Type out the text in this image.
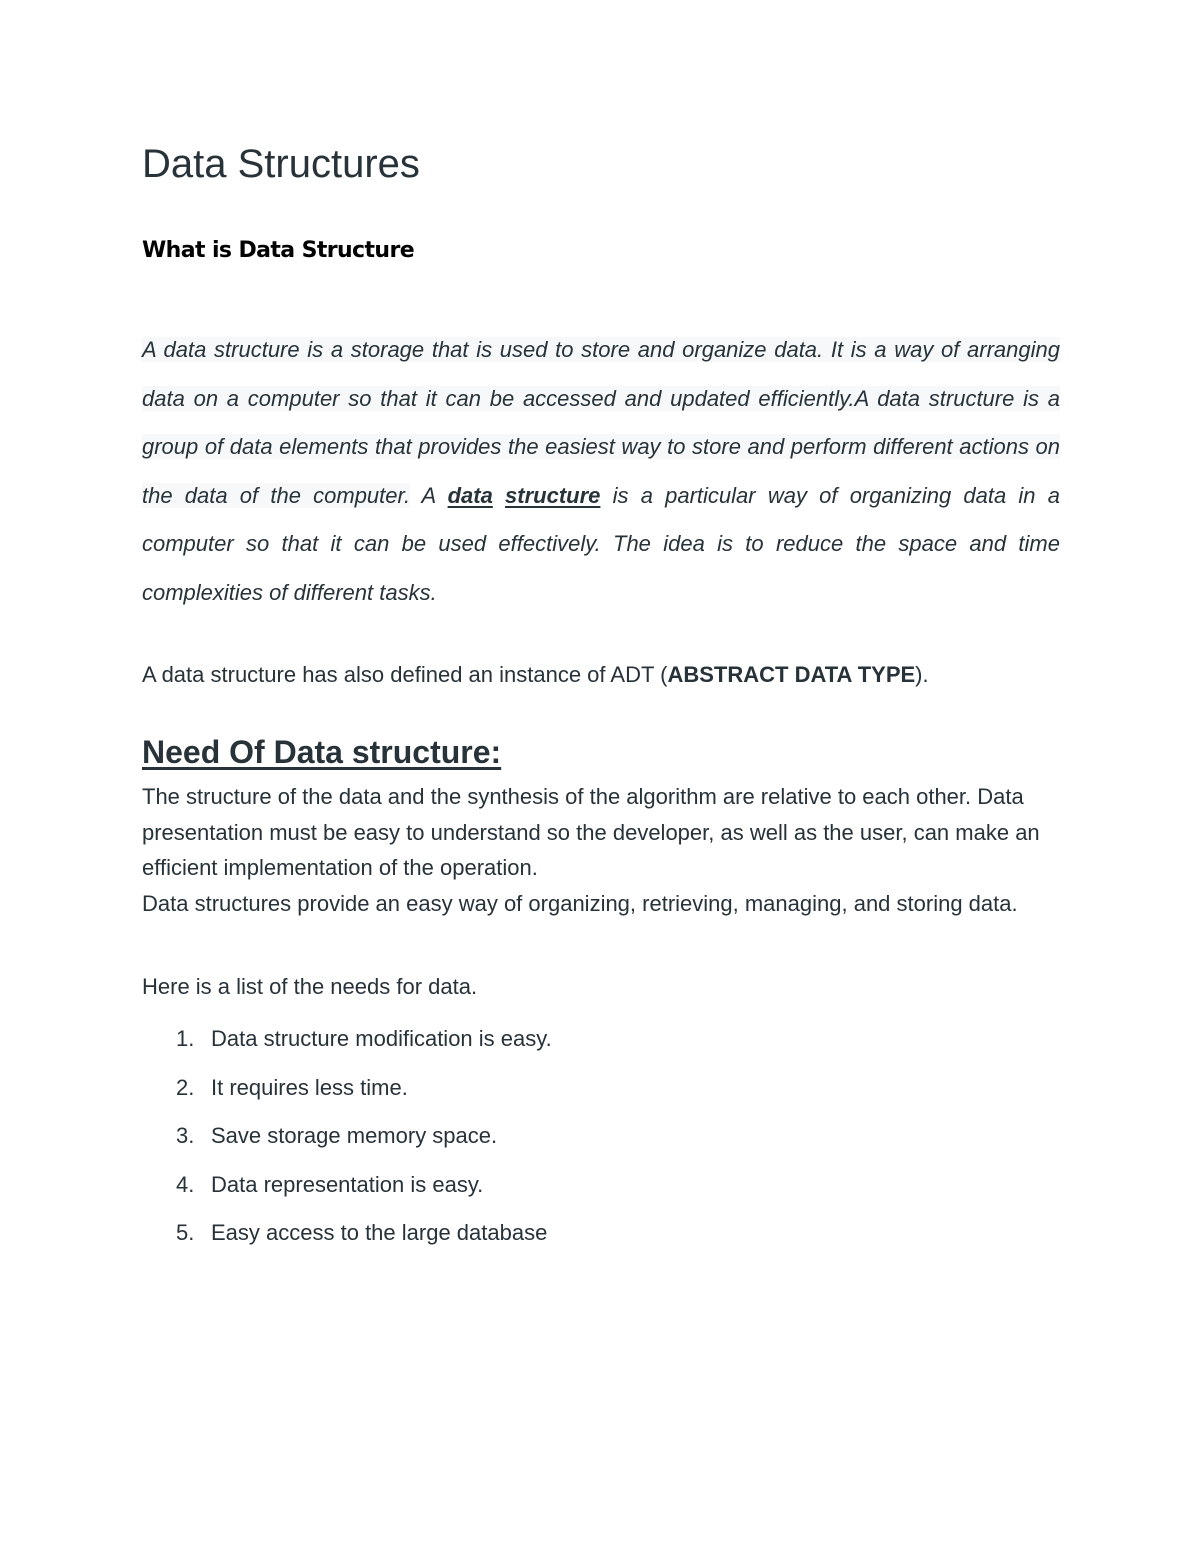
Data Structures
What is Data Structure

A data structure is a storage that is used to store and organize data. It is a way of arranging data on a computer so that it can be accessed and updated efficiently.A data structure is a group of data elements that provides the easiest way to store and perform different actions on the data of the computer. A data structure is a particular way of organizing data in a computer so that it can be used effectively. The idea is to reduce the space and time complexities of different tasks.

A data structure has also defined an instance of ADT (ABSTRACT DATA TYPE).

Need Of Data structure:

The structure of the data and the synthesis of the algorithm are relative to each other. Data presentation must be easy to understand so the developer, as well as the user, can make an efficient implementation of the operation.

Data structures provide an easy way of organizing, retrieving, managing, and storing data.

Here is a list of the needs for data.

1. Data structure modification is easy.
2. It requires less time.
3. Save storage memory space.
4. Data representation is easy.
5. Easy access to the large database
